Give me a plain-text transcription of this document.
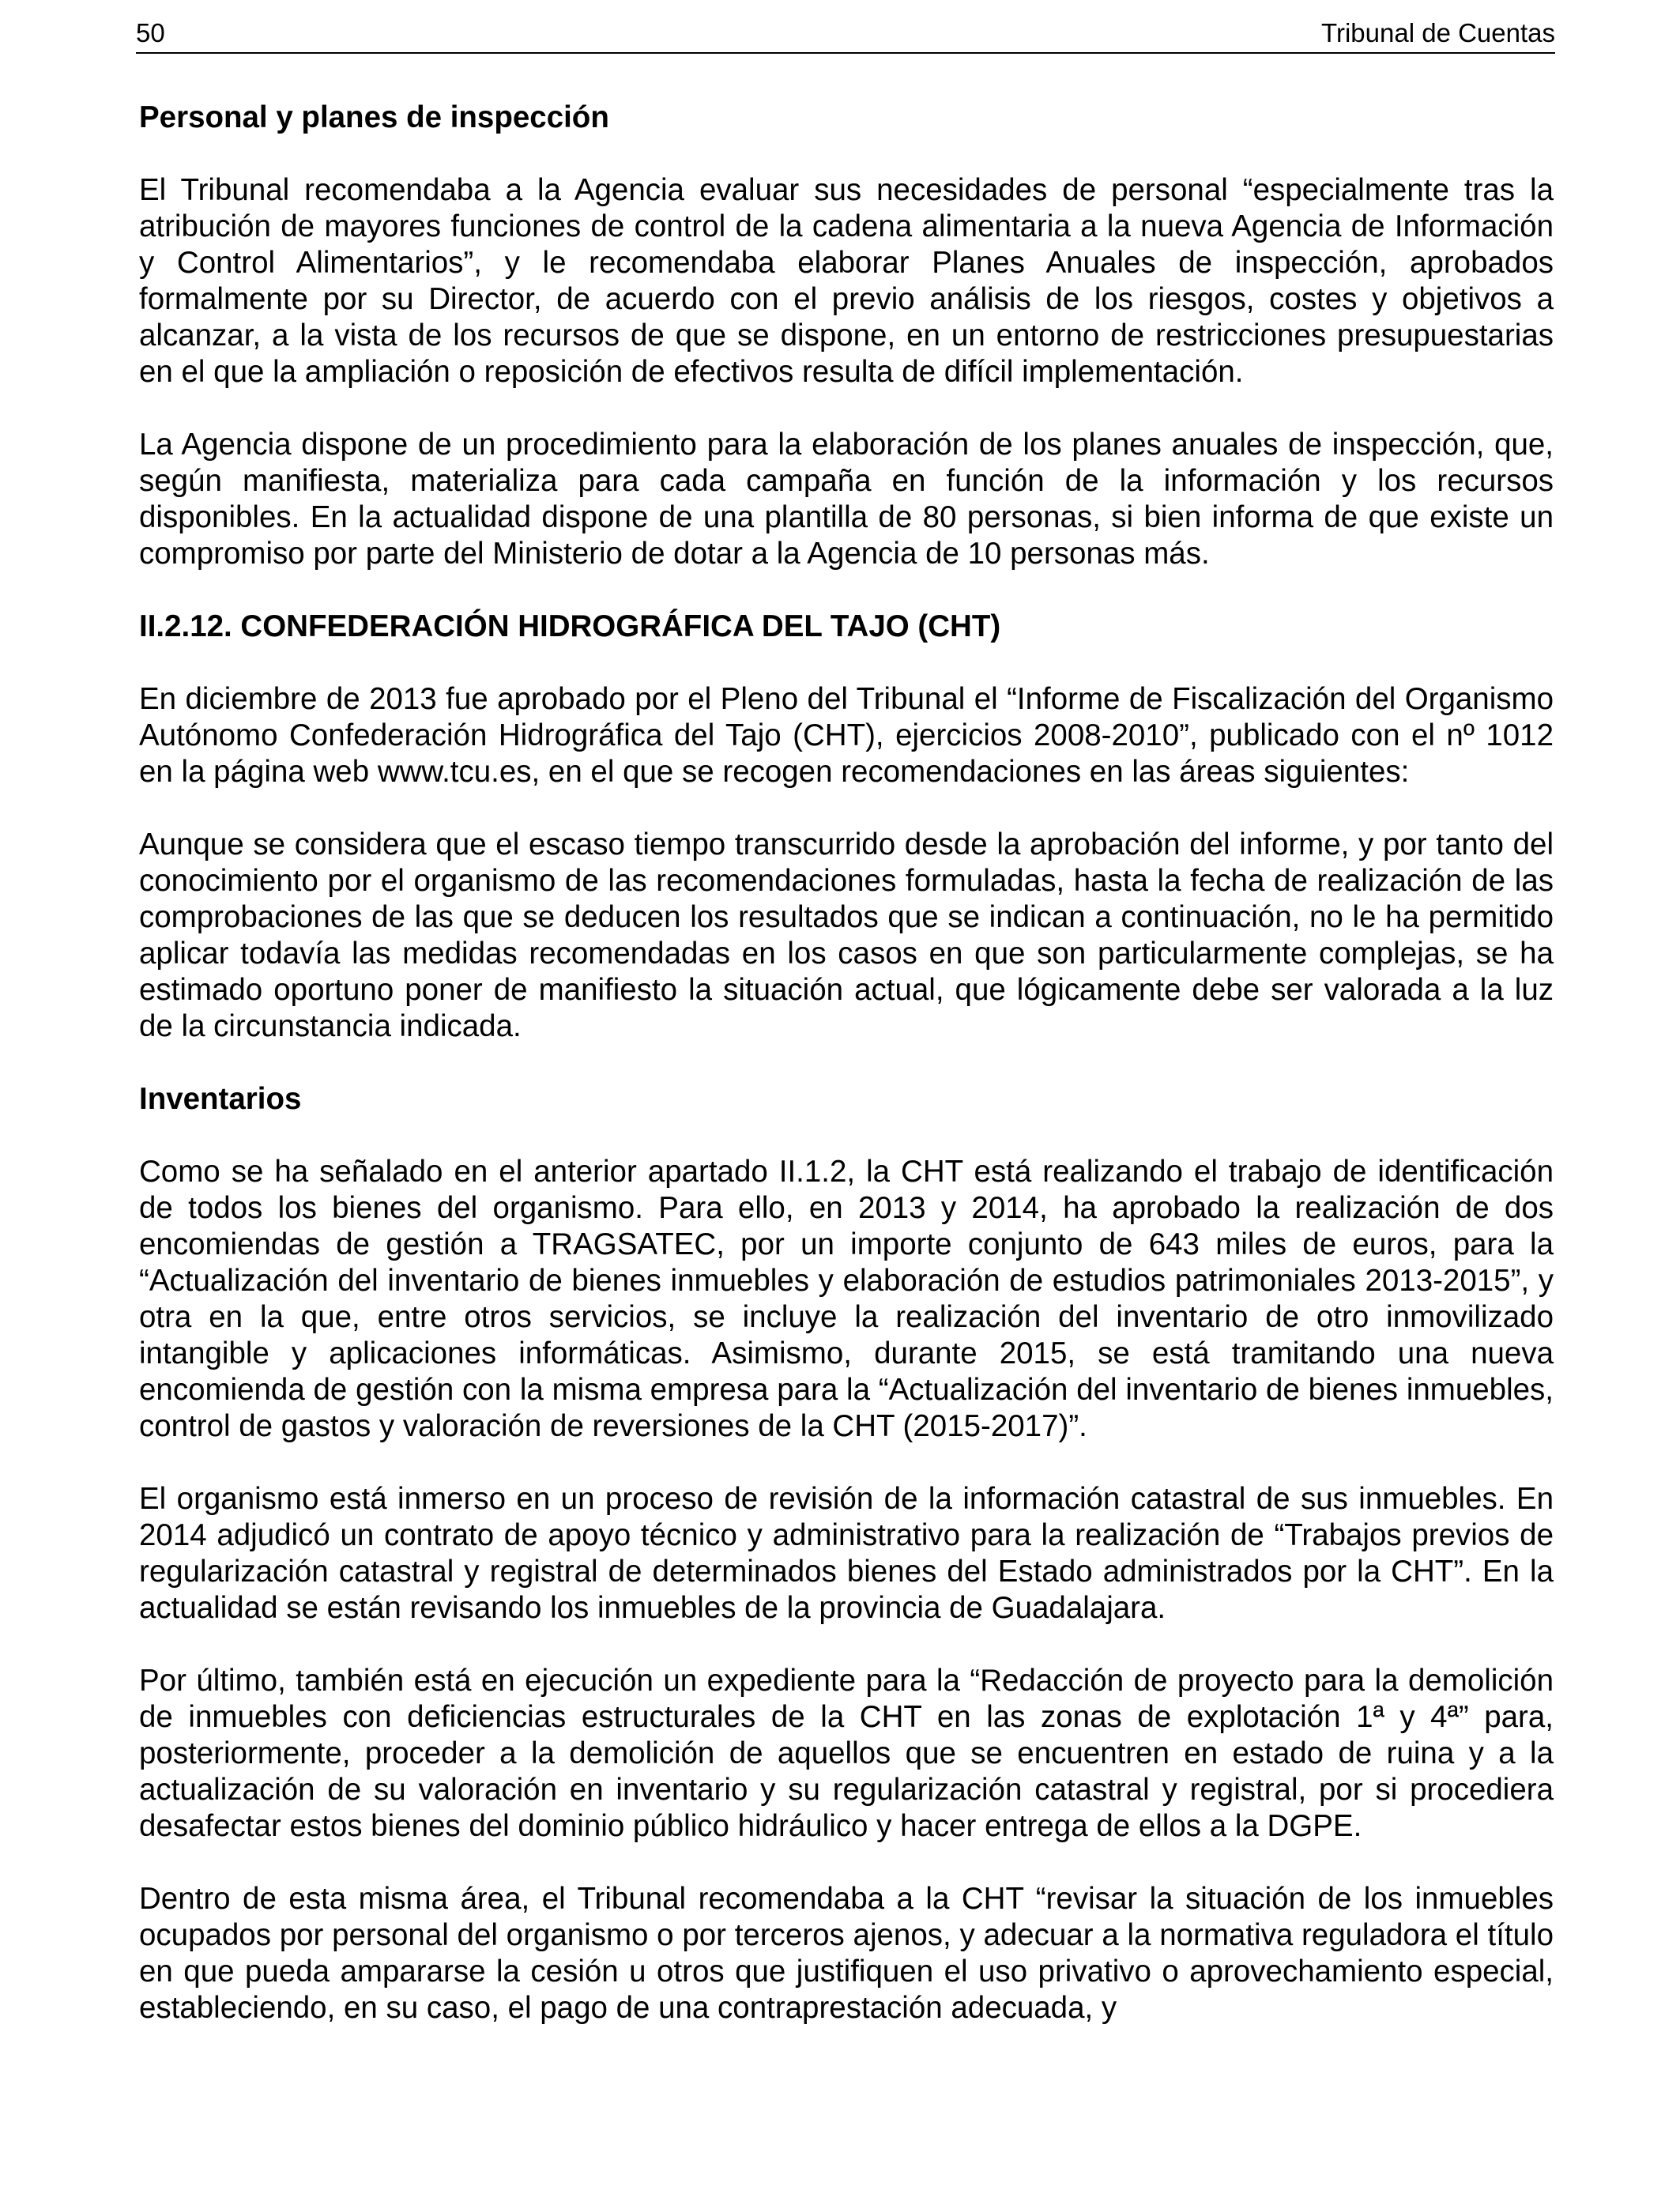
50	Tribunal de Cuentas
Personal y planes de inspección

El Tribunal recomendaba a la Agencia evaluar sus necesidades de personal “especialmente tras la atribución de mayores funciones de control de la cadena alimentaria a la nueva Agencia de Información y Control Alimentarios”, y le recomendaba elaborar Planes Anuales de inspección, aprobados formalmente por su Director, de acuerdo con el previo análisis de los riesgos, costes y objetivos a alcanzar, a la vista de los recursos de que se dispone, en un entorno de restricciones presupuestarias en el que la ampliación o reposición de efectivos resulta de difícil implementación.

La Agencia dispone de un procedimiento para la elaboración de los planes anuales de inspección, que, según manifiesta, materializa para cada campaña en función de la información y los recursos disponibles. En la actualidad dispone de una plantilla de 80 personas, si bien informa de que existe un compromiso por parte del Ministerio de dotar a la Agencia de 10 personas más.

II.2.12. CONFEDERACIÓN HIDROGRÁFICA DEL TAJO (CHT)

En diciembre de 2013 fue aprobado por el Pleno del Tribunal el “Informe de Fiscalización del Organismo Autónomo Confederación Hidrográfica del Tajo (CHT), ejercicios 2008-2010”, publicado con el nº 1012 en la página web www.tcu.es, en el que se recogen recomendaciones en las áreas siguientes:

Aunque se considera que el escaso tiempo transcurrido desde la aprobación del informe, y por tanto del conocimiento por el organismo de las recomendaciones formuladas, hasta la fecha de realización de las comprobaciones de las que se deducen los resultados que se indican a continuación, no le ha permitido aplicar todavía las medidas recomendadas en los casos en que son particularmente complejas, se ha estimado oportuno poner de manifiesto la situación actual, que lógicamente debe ser valorada a la luz de la circunstancia indicada.

Inventarios

Como se ha señalado en el anterior apartado II.1.2, la CHT está realizando el trabajo de identificación de todos los bienes del organismo. Para ello, en 2013 y 2014, ha aprobado la realización de dos encomiendas de gestión a TRAGSATEC, por un importe conjunto de 643 miles de euros, para la “Actualización del inventario de bienes inmuebles y elaboración de estudios patrimoniales 2013-2015”, y otra en la que, entre otros servicios, se incluye la realización del inventario de otro inmovilizado intangible y aplicaciones informáticas. Asimismo, durante 2015, se está tramitando una nueva encomienda de gestión con la misma empresa para la “Actualización del inventario de bienes inmuebles, control de gastos y valoración de reversiones de la CHT (2015-2017)”.

El organismo está inmerso en un proceso de revisión de la información catastral de sus inmuebles. En 2014 adjudicó un contrato de apoyo técnico y administrativo para la realización de “Trabajos previos de regularización catastral y registral de determinados bienes del Estado administrados por la CHT”. En la actualidad se están revisando los inmuebles de la provincia de Guadalajara.

Por último, también está en ejecución un expediente para la “Redacción de proyecto para la demolición de inmuebles con deficiencias estructurales de la CHT en las zonas de explotación 1ª y 4ª” para, posteriormente, proceder a la demolición de aquellos que se encuentren en estado de ruina y a la actualización de su valoración en inventario y su regularización catastral y registral, por si procediera desafectar estos bienes del dominio público hidráulico y hacer entrega de ellos a la DGPE.

Dentro de esta misma área, el Tribunal recomendaba a la CHT “revisar la situación de los inmuebles ocupados por personal del organismo o por terceros ajenos, y adecuar a la normativa reguladora el título en que pueda ampararse la cesión u otros que justifiquen el uso privativo o aprovechamiento especial, estableciendo, en su caso, el pago de una contraprestación adecuada, y
